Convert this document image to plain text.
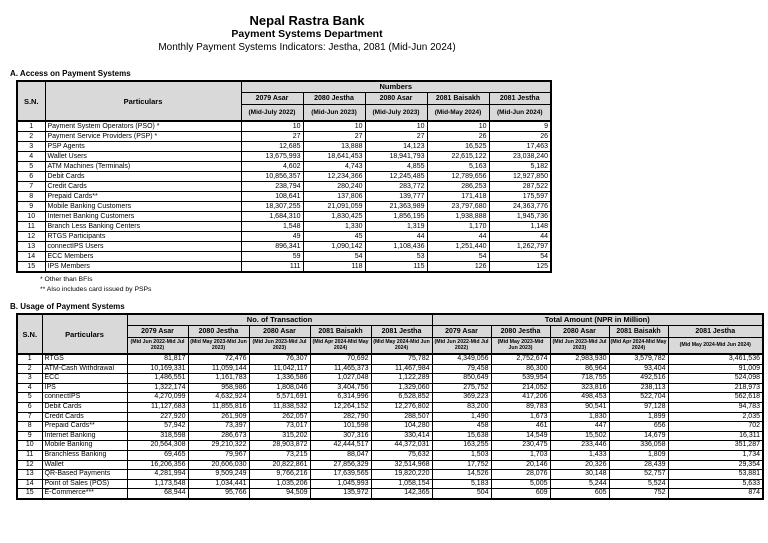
Nepal Rastra Bank
Payment Systems Department
Monthly Payment Systems Indicators: Jestha, 2081 (Mid-Jun 2024)
A. Access on Payment Systems
S.N.	Particulars	Numbers				
		2079 Asar	2080 Jestha	2080 Asar	2081 Baisakh	2081 Jestha
		(Mid-July 2022)	(Mid-Jun 2023)	(Mid-July 2023)	(Mid-May 2024)	(Mid-Jun 2024)
1	Payment System Operators (PSO) *	10	10	10	10	9
2	Payment Service Providers (PSP) *	27	27	27	26	26
3	PSP Agents	12,685	13,888	14,123	16,525	17,463
4	Wallet Users	13,675,993	18,641,453	18,941,793	22,615,122	23,038,240
5	ATM Machines (Terminals)	4,602	4,743	4,855	5,163	5,182
6	Debit Cards	10,856,357	12,234,366	12,245,485	12,789,656	12,927,850
7	Credit Cards	238,794	280,240	283,772	286,253	287,522
8	Prepaid Cards**	108,641	137,806	139,777	171,418	175,597
9	Mobile Banking Customers	18,307,255	21,091,059	21,363,989	23,797,680	24,363,776
10	Internet Banking Customers	1,684,310	1,830,425	1,856,195	1,938,888	1,945,736
11	Branch Less Banking Centers	1,548	1,330	1,319	1,170	1,148
12	RTGS Participants	49	45	44	44	44
13	connectIPS Users	896,341	1,090,142	1,108,436	1,251,440	1,262,797
14	ECC Members	59	54	53	54	54
15	IPS Members	111	118	115	126	125
* Other than BFIs
** Also includes card issued by PSPs
B. Usage of Payment Systems
S.N.	Particulars	No. of Transaction					Total Amount (NPR in Million)				
		2079 Asar	2080 Jestha	2080 Asar	2081 Baisakh	2081 Jestha	2079 Asar	2080 Jestha	2080 Asar	2081 Baisakh	2081 Jestha
		(Mid Jun 2022-Mid Jul 2022)	(Mid May 2023-Mid Jun 2023)	(Mid Jun 2023-Mid Jul 2023)	(Mid Apr 2024-Mid May 2024)	(Mid May 2024-Mid Jun 2024)	(Mid Jun 2022-Mid Jul 2022)	(Mid May 2023-Mid Jun 2023)	(Mid Jun 2023-Mid Jul 2023)	(Mid Apr 2024-Mid May 2024)	(Mid May 2024-Mid Jun 2024)
1	RTGS	81,817	72,476	76,307	70,692	75,782	4,349,056	2,752,674	2,983,930	3,579,782	3,461,536
2	ATM-Cash Withdrawal	10,169,331	11,059,144	11,042,117	11,465,373	11,467,984	79,458	86,300	86,964	93,404	91,009
3	ECC	1,486,551	1,161,783	1,336,586	1,027,048	1,122,289	850,649	539,954	718,755	492,516	524,098
4	IPS	1,322,174	958,986	1,808,046	3,404,756	1,329,060	275,752	214,052	323,816	238,113	218,973
5	connectIPS	4,270,099	4,632,924	5,571,691	6,314,996	6,528,852	369,223	417,206	498,453	522,704	562,618
6	Debit Cards	11,127,683	11,855,816	11,838,532	12,264,152	12,276,802	83,200	89,783	90,541	97,128	94,783
7	Credit Cards	227,920	261,909	262,057	282,790	288,507	1,490	1,673	1,830	1,899	2,035
8	Prepaid Cards**	57,942	73,397	73,017	101,598	104,280	458	461	447	656	702
9	Internet Banking	318,598	286,673	315,202	307,316	330,414	15,638	14,549	15,502	14,679	16,311
10	Mobile Banking	20,564,308	29,210,322	28,903,872	42,444,517	44,372,031	163,255	230,475	233,446	336,058	351,287
11	Branchless Banking	69,465	79,967	73,215	88,047	75,632	1,503	1,703	1,433	1,809	1,734
12	Wallet	16,206,356	20,606,030	20,822,861	27,856,329	32,514,968	17,752	20,146	20,326	28,439	29,354
13	QR-Based Payments	4,281,994	9,509,249	9,766,216	17,639,565	19,820,220	14,526	28,076	30,148	52,757	53,881
14	Point of Sales (POS)	1,173,548	1,034,441	1,035,206	1,045,993	1,058,154	5,183	5,005	5,244	5,524	5,633
15	E-Commerce***	68,944	95,766	94,509	135,972	142,365	504	609	605	752	874
